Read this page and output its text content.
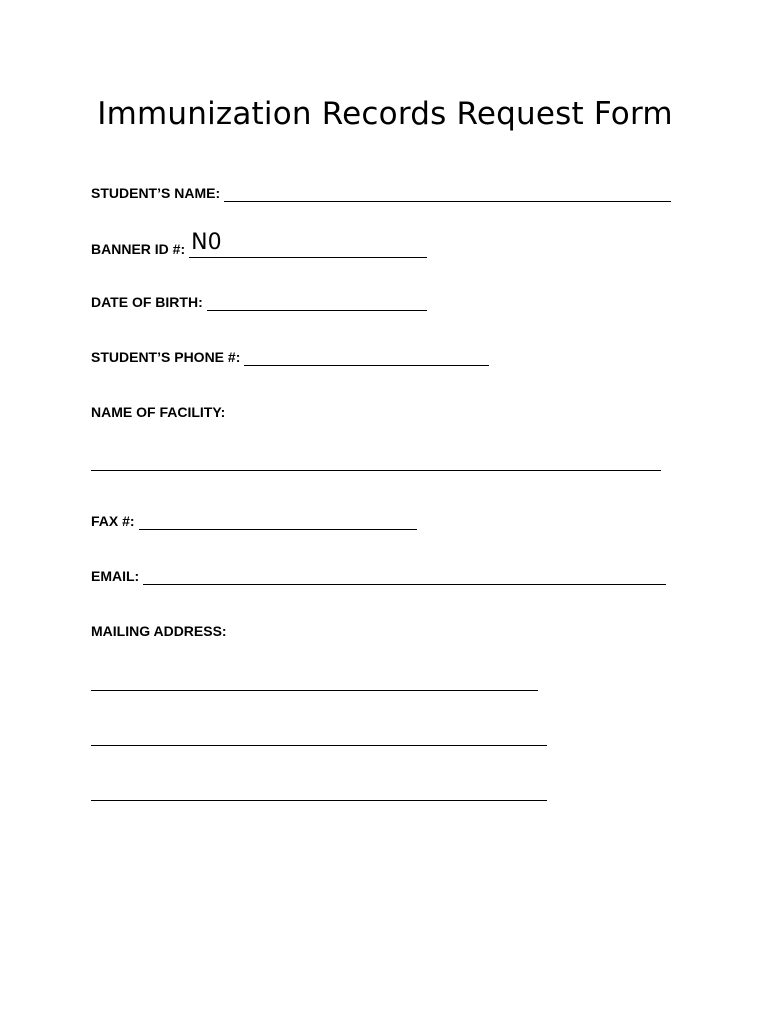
Immunization Records Request Form
STUDENT’S NAME:
BANNER ID #: N0
DATE OF BIRTH:
STUDENT’S PHONE #:
NAME OF FACILITY:
FAX #:
EMAIL:
MAILING ADDRESS:
